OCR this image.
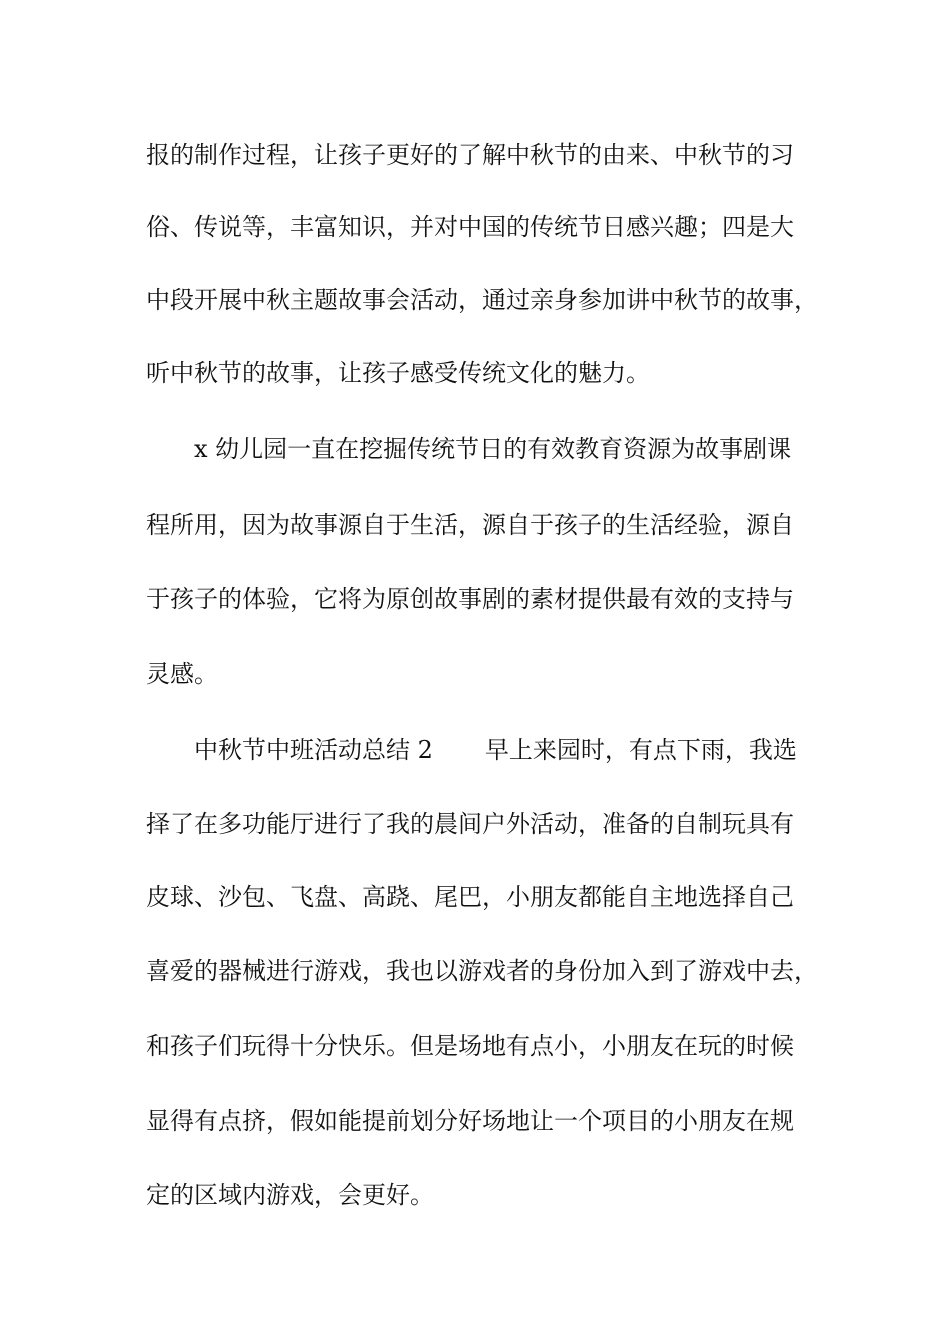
报的制作过程，让孩子更好的了解中秋节的由来、中秋节的习
俗、传说等，丰富知识，并对中国的传统节日感兴趣；四是大
中段开展中秋主题故事会活动，通过亲身参加讲中秋节的故事，
听中秋节的故事，让孩子感受传统文化的魅力。
x 幼儿园一直在挖掘传统节日的有效教育资源为故事剧课
程所用，因为故事源自于生活，源自于孩子的生活经验，源自
于孩子的体验，它将为原创故事剧的素材提供最有效的支持与
灵感。
中秋节中班活动总结 2 早上来园时，有点下雨，我选
择了在多功能厅进行了我的晨间户外活动，准备的自制玩具有
皮球、沙包、飞盘、高跷、尾巴，小朋友都能自主地选择自己
喜爱的器械进行游戏，我也以游戏者的身份加入到了游戏中去，
和孩子们玩得十分快乐。但是场地有点小，小朋友在玩的时候
显得有点挤，假如能提前划分好场地让一个项目的小朋友在规
定的区域内游戏，会更好。
